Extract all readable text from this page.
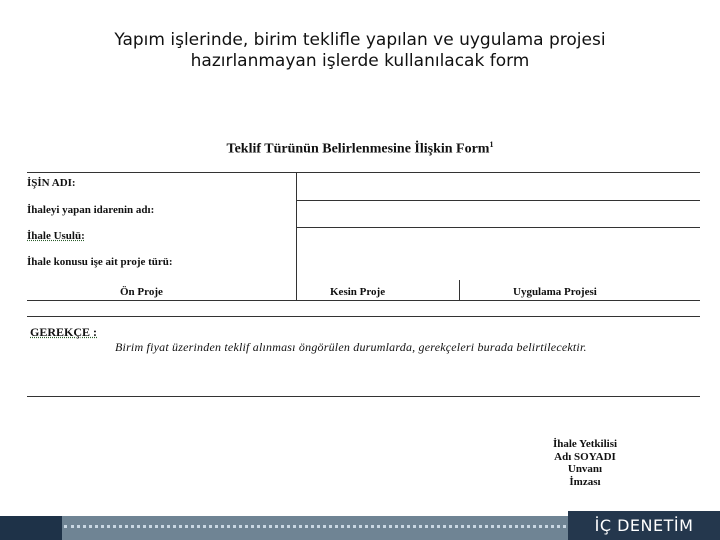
Yapım işlerinde, birim teklifle yapılan ve uygulama projesi
hazırlanmayan işlerde kullanılacak form
Teklif Türünün Belirlenmesine İlişkin Form$^1$
İŞİN ADI:
İhaleyi yapan idarenin adı:
İhale Usulü:
İhale konusu işe ait proje türü:
Ön Proje	Kesin Proje	Uygulama Projesi
GEREKÇE :
Birim fiyat üzerinden teklif alınması öngörülen durumlarda, gerekçeleri burada belirtilecektir.
İhale Yetkilisi
Adı SOYADI
Unvanı
İmzası
İÇ DENETİM
